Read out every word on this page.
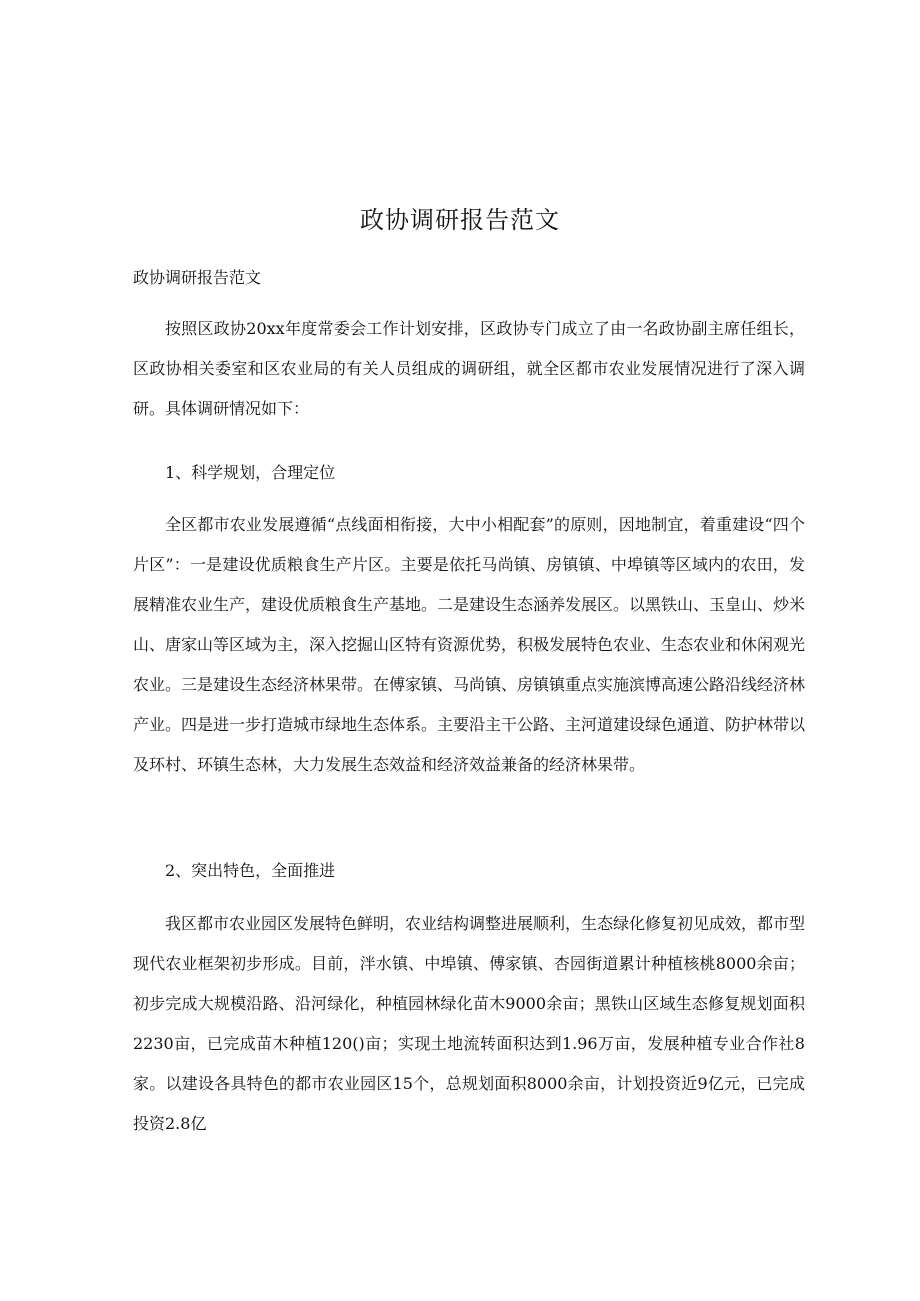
政协调研报告范文

政协调研报告范文

按照区政协20xx年度常委会工作计划安排，区政协专门成立了由一名政协副主席任组长，区政协相关委室和区农业局的有关人员组成的调研组，就全区都市农业发展情况进行了深入调研。具体调研情况如下：

1、科学规划，合理定位

全区都市农业发展遵循“点线面相衔接，大中小相配套”的原则，因地制宜，着重建设“四个片区”：一是建设优质粮食生产片区。主要是依托马尚镇、房镇镇、中埠镇等区域内的农田，发展精准农业生产，建设优质粮食生产基地。二是建设生态涵养发展区。以黑铁山、玉皇山、炒米山、唐家山等区域为主，深入挖掘山区特有资源优势，积极发展特色农业、生态农业和休闲观光农业。三是建设生态经济林果带。在傅家镇、马尚镇、房镇镇重点实施滨博高速公路沿线经济林产业。四是进一步打造城市绿地生态体系。主要沿主干公路、主河道建设绿色通道、防护林带以及环村、环镇生态林，大力发展生态效益和经济效益兼备的经济林果带。

2、突出特色，全面推进

我区都市农业园区发展特色鲜明，农业结构调整进展顺利，生态绿化修复初见成效，都市型现代农业框架初步形成。目前，泮水镇、中埠镇、傅家镇、杏园街道累计种植核桃8000余亩；初步完成大规模沿路、沿河绿化，种植园林绿化苗木9000余亩；黑铁山区域生态修复规划面积2230亩，已完成苗木种植120()亩；实现土地流转面积达到1.96万亩，发展种植专业合作社8家。以建设各具特色的都市农业园区15个，总规划面积8000余亩，计划投资近9亿元，已完成投资2.8亿
